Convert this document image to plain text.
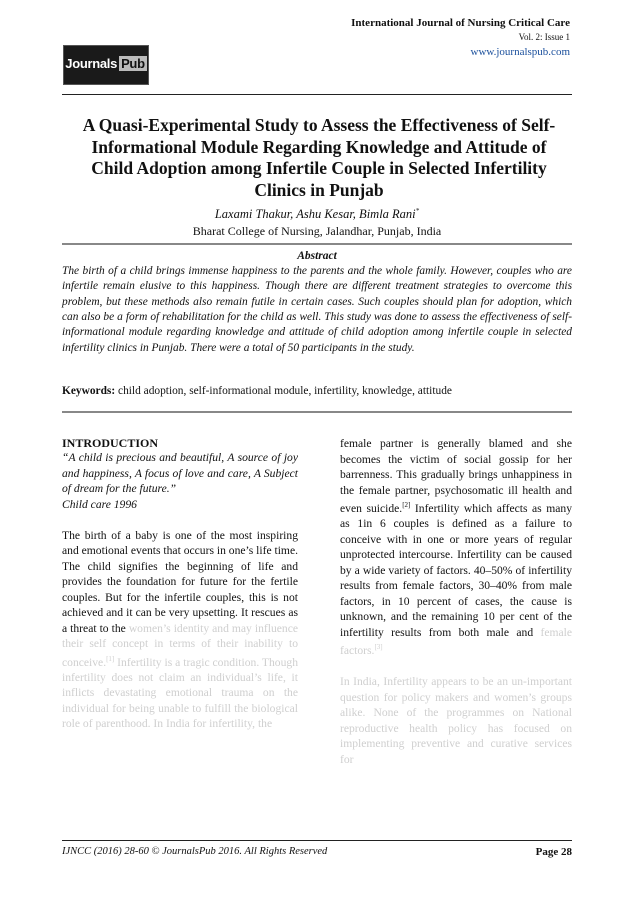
Journals Pub
International Journal of Nursing Critical Care
Vol. 2: Issue 1
www.journalspub.com
A Quasi-Experimental Study to Assess the Effectiveness of Self-Informational Module Regarding Knowledge and Attitude of Child Adoption among Infertile Couple in Selected Infertility Clinics in Punjab
Laxami Thakur, Ashu Kesar, Bimla Rani*
Bharat College of Nursing, Jalandhar, Punjab, India
Abstract
The birth of a child brings immense happiness to the parents and the whole family. However, couples who are infertile remain elusive to this happiness. Though there are different treatment strategies to overcome this problem, but these methods also remain futile in certain cases. Such couples should plan for adoption, which can also be a form of rehabilitation for the child as well. This study was done to assess the effectiveness of self-informational module regarding knowledge and attitude of child adoption among infertile couple in selected infertility clinics in Punjab. There were a total of 50 participants in the study.
Keywords: child adoption, self-informational module, infertility, knowledge, attitude

INTRODUCTION

“A child is precious and beautiful, A source of joy and happiness, A focus of love and care, A Subject of dream for the future.”

Child care 1996

The birth of a baby is one of the most inspiring and emotional events that occurs in one’s life time. The child signifies the beginning of life and provides the foundation for future for the fertile couples. But for the infertile couples, this is not achieved and it can be very upsetting. It rescues as a threat to the women’s identity and may influence their self concept in terms of their inability to conceive.[1] Infertility is a tragic condition. Though infertility does not claim an individual’s life, it inflicts devastating emotional trauma on the individual for being unable to fulfill the biological role of parenthood. In India for infertility, the

female partner is generally blamed and she becomes the victim of social gossip for her barrenness. This gradually brings unhappiness in the female partner, psychosomatic ill health and even suicide.[2] Infertility which affects as many as 1in 6 couples is defined as a failure to conceive with in one or more years of regular unprotected intercourse. Infertility can be caused by a wide variety of factors. 40–50% of infertility results from female factors, 30–40% from male factors, in 10 percent of cases, the cause is unknown, and the remaining 10 per cent of the infertility results from both male and female factors.[3]

In India, Infertility appears to be an un-important question for policy makers and women’s groups alike. None of the programmes on National reproductive health policy has focused on implementing preventive and curative services for

IJNCC (2016) 28-60 © JournalsPub 2016. All Rights Reserved	Page 28
